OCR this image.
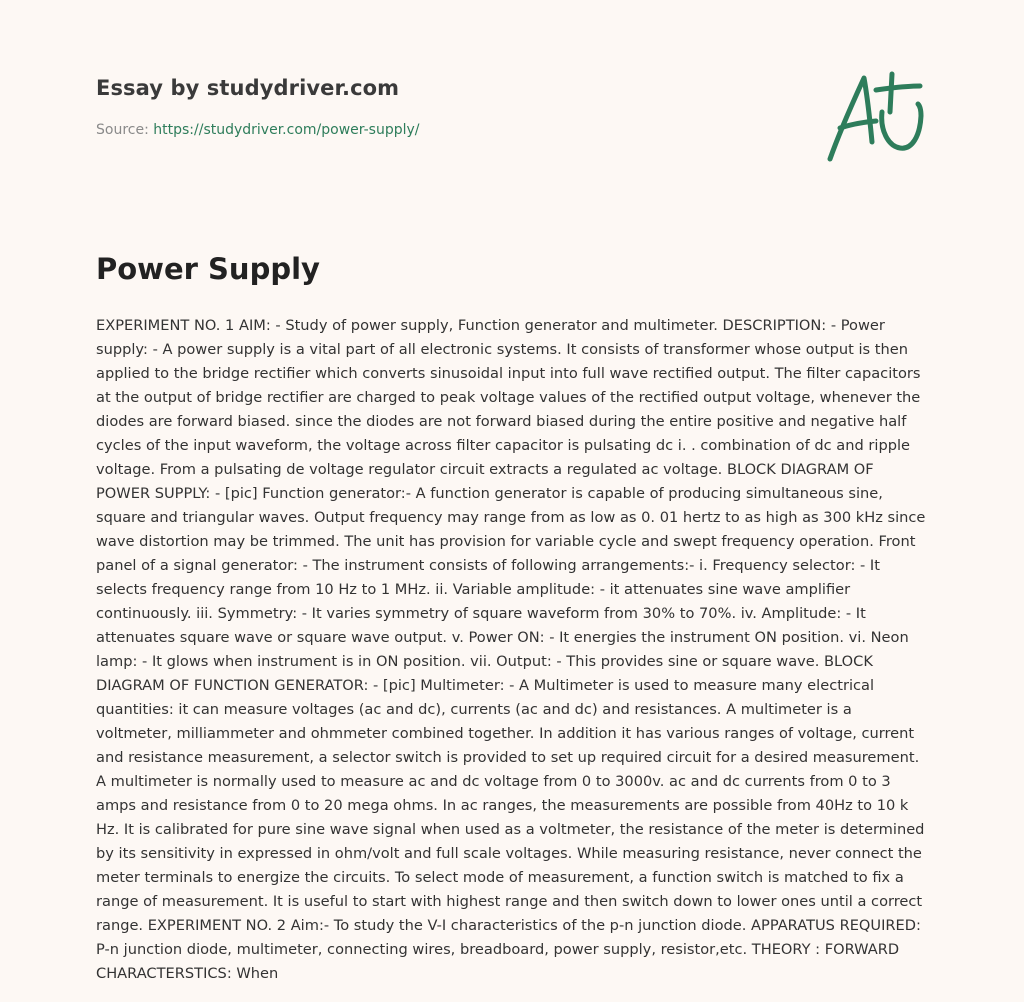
Essay by studydriver.com
Source: https://studydriver.com/power-supply/
Power Supply

EXPERIMENT NO. 1 AIM: - Study of power supply, Function generator and multimeter. DESCRIPTION: - Power supply: - A power supply is a vital part of all electronic systems. It consists of transformer whose output is then applied to the bridge rectifier which converts sinusoidal input into full wave rectified output. The filter capacitors at the output of bridge rectifier are charged to peak voltage values of the rectified output voltage, whenever the diodes are forward biased. since the diodes are not forward biased during the entire positive and negative half cycles of the input waveform, the voltage across filter capacitor is pulsating dc i. . combination of dc and ripple voltage. From a pulsating de voltage regulator circuit extracts a regulated ac voltage. BLOCK DIAGRAM OF POWER SUPPLY: - [pic] Function generator:- A function generator is capable of producing simultaneous sine, square and triangular waves. Output frequency may range from as low as 0. 01 hertz to as high as 300 kHz since wave distortion may be trimmed. The unit has provision for variable cycle and swept frequency operation. Front panel of a signal generator: - The instrument consists of following arrangements:- i. Frequency selector: - It selects frequency range from 10 Hz to 1 MHz. ii. Variable amplitude: - it attenuates sine wave amplifier continuously. iii. Symmetry: - It varies symmetry of square waveform from 30% to 70%. iv. Amplitude: - It attenuates square wave or square wave output. v. Power ON: - It energies the instrument ON position. vi. Neon lamp: - It glows when instrument is in ON position. vii. Output: - This provides sine or square wave. BLOCK DIAGRAM OF FUNCTION GENERATOR: - [pic] Multimeter: - A Multimeter is used to measure many electrical quantities: it can measure voltages (ac and dc), currents (ac and dc) and resistances. A multimeter is a voltmeter, milliammeter and ohmmeter combined together. In addition it has various ranges of voltage, current and resistance measurement, a selector switch is provided to set up required circuit for a desired measurement. A multimeter is normally used to measure ac and dc voltage from 0 to 3000v. ac and dc currents from 0 to 3 amps and resistance from 0 to 20 mega ohms. In ac ranges, the measurements are possible from 40Hz to 10 k Hz. It is calibrated for pure sine wave signal when used as a voltmeter, the resistance of the meter is determined by its sensitivity in expressed in ohm/volt and full scale voltages. While measuring resistance, never connect the meter terminals to energize the circuits. To select mode of measurement, a function switch is matched to fix a range of measurement. It is useful to start with highest range and then switch down to lower ones until a correct range. EXPERIMENT NO. 2 Aim:- To study the V-I characteristics of the p-n junction diode. APPARATUS REQUIRED: P-n junction diode, multimeter, connecting wires, breadboard, power supply, resistor,etc. THEORY : FORWARD CHARACTERSTICS: When
